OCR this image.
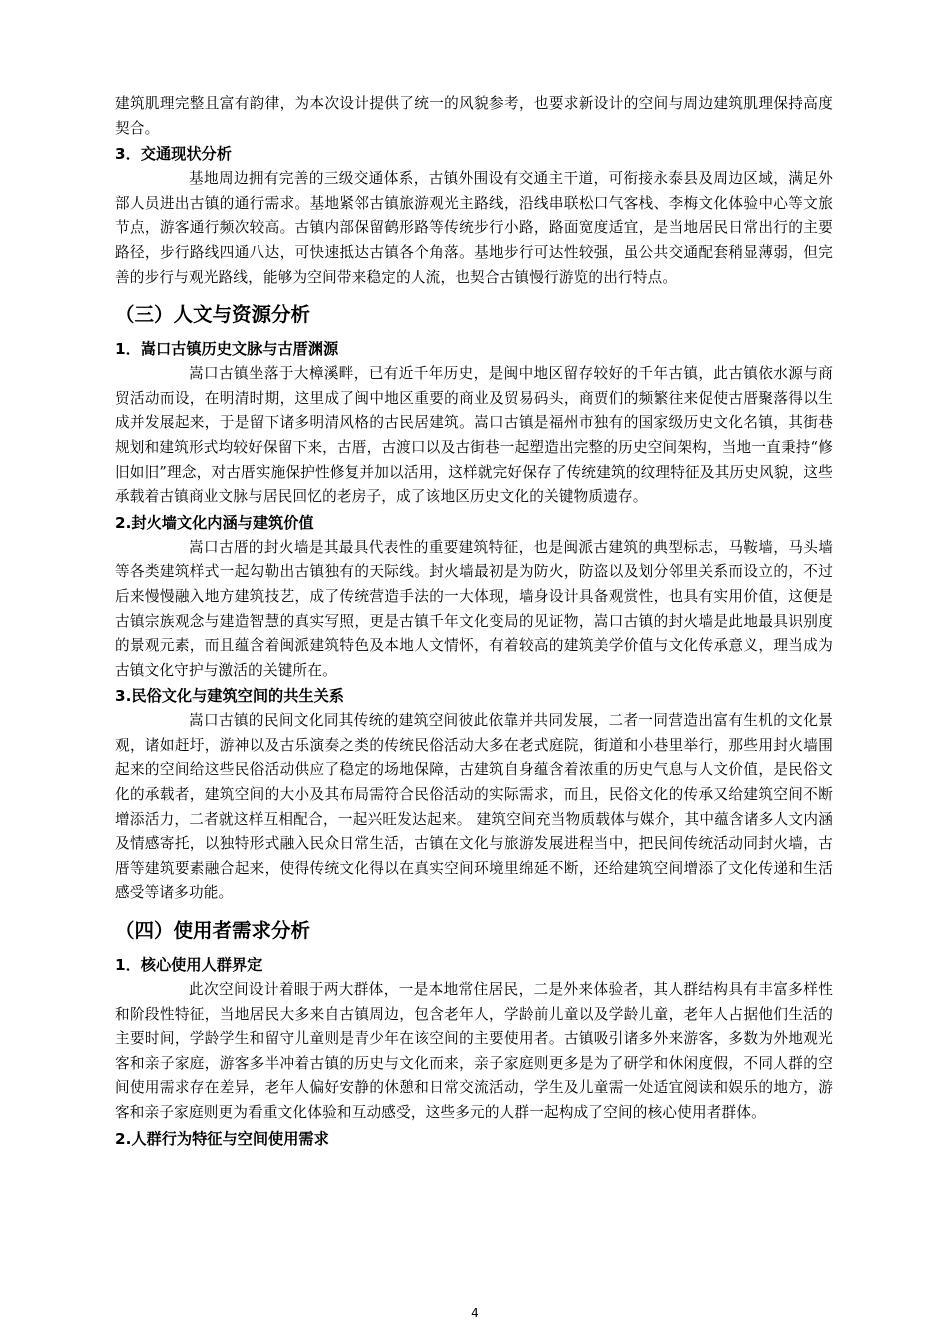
建筑肌理完整且富有韵律，为本次设计提供了统一的风貌参考，也要求新设计的空间与周边建筑肌理保持高度契合。

3．交通现状分析

基地周边拥有完善的三级交通体系，古镇外围设有交通主干道，可衔接永泰县及周边区域，满足外部人员进出古镇的通行需求。基地紧邻古镇旅游观光主路线，沿线串联松口气客栈、李梅文化体验中心等文旅节点，游客通行频次较高。古镇内部保留鹤形路等传统步行小路，路面宽度适宜，是当地居民日常出行的主要路径，步行路线四通八达，可快速抵达古镇各个角落。基地步行可达性较强，虽公共交通配套稍显薄弱，但完善的步行与观光路线，能够为空间带来稳定的人流，也契合古镇慢行游览的出行特点。

（三）人文与资源分析

1．嵩口古镇历史文脉与古厝渊源

嵩口古镇坐落于大樟溪畔，已有近千年历史，是闽中地区留存较好的千年古镇，此古镇依水源与商贸活动而设，在明清时期，这里成了闽中地区重要的商业及贸易码头，商贾们的频繁往来促使古厝聚落得以生成并发展起来，于是留下诸多明清风格的古民居建筑。嵩口古镇是福州市独有的国家级历史文化名镇，其街巷规划和建筑形式均较好保留下来，古厝，古渡口以及古街巷一起塑造出完整的历史空间架构，当地一直秉持“修旧如旧”理念，对古厝实施保护性修复并加以活用，这样就完好保存了传统建筑的纹理特征及其历史风貌，这些承载着古镇商业文脉与居民回忆的老房子，成了该地区历史文化的关键物质遗存。

2.封火墙文化内涵与建筑价值

嵩口古厝的封火墙是其最具代表性的重要建筑特征，也是闽派古建筑的典型标志，马鞍墙，马头墙等各类建筑样式一起勾勒出古镇独有的天际线。封火墙最初是为防火，防盗以及划分邻里关系而设立的，不过后来慢慢融入地方建筑技艺，成了传统营造手法的一大体现，墙身设计具备观赏性，也具有实用价值，这便是古镇宗族观念与建造智慧的真实写照，更是古镇千年文化变局的见证物，嵩口古镇的封火墙是此地最具识别度的景观元素，而且蕴含着闽派建筑特色及本地人文情怀，有着较高的建筑美学价值与文化传承意义，理当成为古镇文化守护与激活的关键所在。

3.民俗文化与建筑空间的共生关系

嵩口古镇的民间文化同其传统的建筑空间彼此依靠并共同发展，二者一同营造出富有生机的文化景观，诸如赶圩，游神以及古乐演奏之类的传统民俗活动大多在老式庭院，街道和小巷里举行，那些用封火墙围起来的空间给这些民俗活动供应了稳定的场地保障，古建筑自身蕴含着浓重的历史气息与人文价值，是民俗文化的承载者，建筑空间的大小及其布局需符合民俗活动的实际需求，而且，民俗文化的传承又给建筑空间不断增添活力，二者就这样互相配合，一起兴旺发达起来。 建筑空间充当物质载体与媒介，其中蕴含诸多人文内涵及情感寄托，以独特形式融入民众日常生活，古镇在文化与旅游发展进程当中，把民间传统活动同封火墙，古厝等建筑要素融合起来，使得传统文化得以在真实空间环境里绵延不断，还给建筑空间增添了文化传递和生活感受等诸多功能。

（四）使用者需求分析

1．核心使用人群界定

此次空间设计着眼于两大群体，一是本地常住居民，二是外来体验者，其人群结构具有丰富多样性和阶段性特征，当地居民大多来自古镇周边，包含老年人，学龄前儿童以及学龄儿童，老年人占据他们生活的主要时间，学龄学生和留守儿童则是青少年在该空间的主要使用者。古镇吸引诸多外来游客，多数为外地观光客和亲子家庭，游客多半冲着古镇的历史与文化而来，亲子家庭则更多是为了研学和休闲度假，不同人群的空间使用需求存在差异，老年人偏好安静的休憩和日常交流活动，学生及儿童需一处适宜阅读和娱乐的地方，游客和亲子家庭则更为看重文化体验和互动感受，这些多元的人群一起构成了空间的核心使用者群体。

2.人群行为特征与空间使用需求

4
